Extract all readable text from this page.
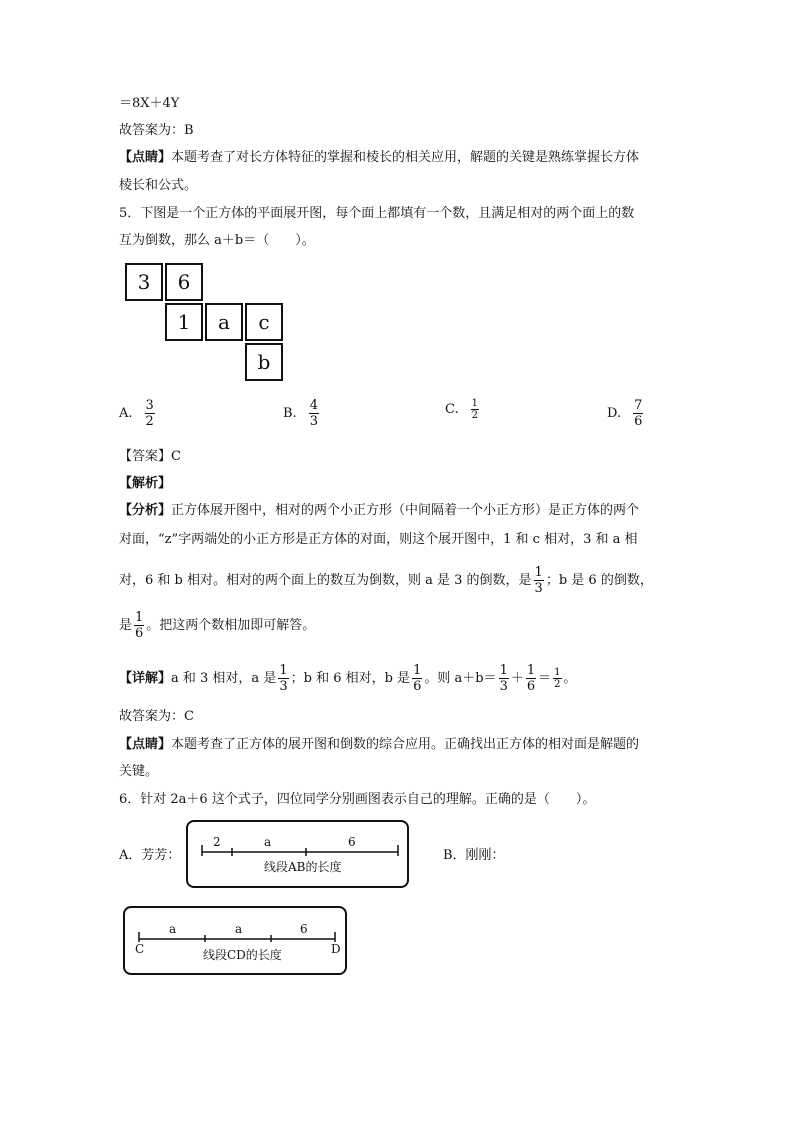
＝8X＋4Y
故答案为：B
【点睛】本题考查了对长方体特征的掌握和棱长的相关应用，解题的关键是熟练掌握长方体
棱长和公式。
5．下图是一个正方体的平面展开图，每个面上都填有一个数，且满足相对的两个面上的数
互为倒数，那么 a＋b＝（　　）。
3	6
1	a	c
b
A. $\frac{3}{2}$	B. $\frac{4}{3}$	C. $\frac{1}{2}$	D. $\frac{7}{6}$
【答案】C
【解析】
【分析】正方体展开图中，相对的两个小正方形（中间隔着一个小正方形）是正方体的两个
对面，“z”字两端处的小正方形是正方体的对面，则这个展开图中，1 和 c 相对，3 和 a 相
对，6 和 b 相对。相对的两个面上的数互为倒数，则 a 是 3 的倒数，是 $\frac{1}{3}$ ；b 是 6 的倒数，
是 $\frac{1}{6}$ 。把这两个数相加即可解答。
【详解】a 和 3 相对，a 是 $\frac{1}{3}$ ；b 和 6 相对，b 是 $\frac{1}{6}$ 。则 $a+b= \frac{1}{3} + \frac{1}{6} = \frac{1}{2}$ 。
故答案为：C
【点睛】本题考查了正方体的展开图和倒数的综合应用。正确找出正方体的相对面是解题的
关键。
6．针对 2a＋6 这个式子，四位同学分别画图表示自己的理解。正确的是（　　）。
A．芳芳：
2	a	6
线段AB的长度
B．刚刚：
a	a	6
C	D
线段CD的长度
